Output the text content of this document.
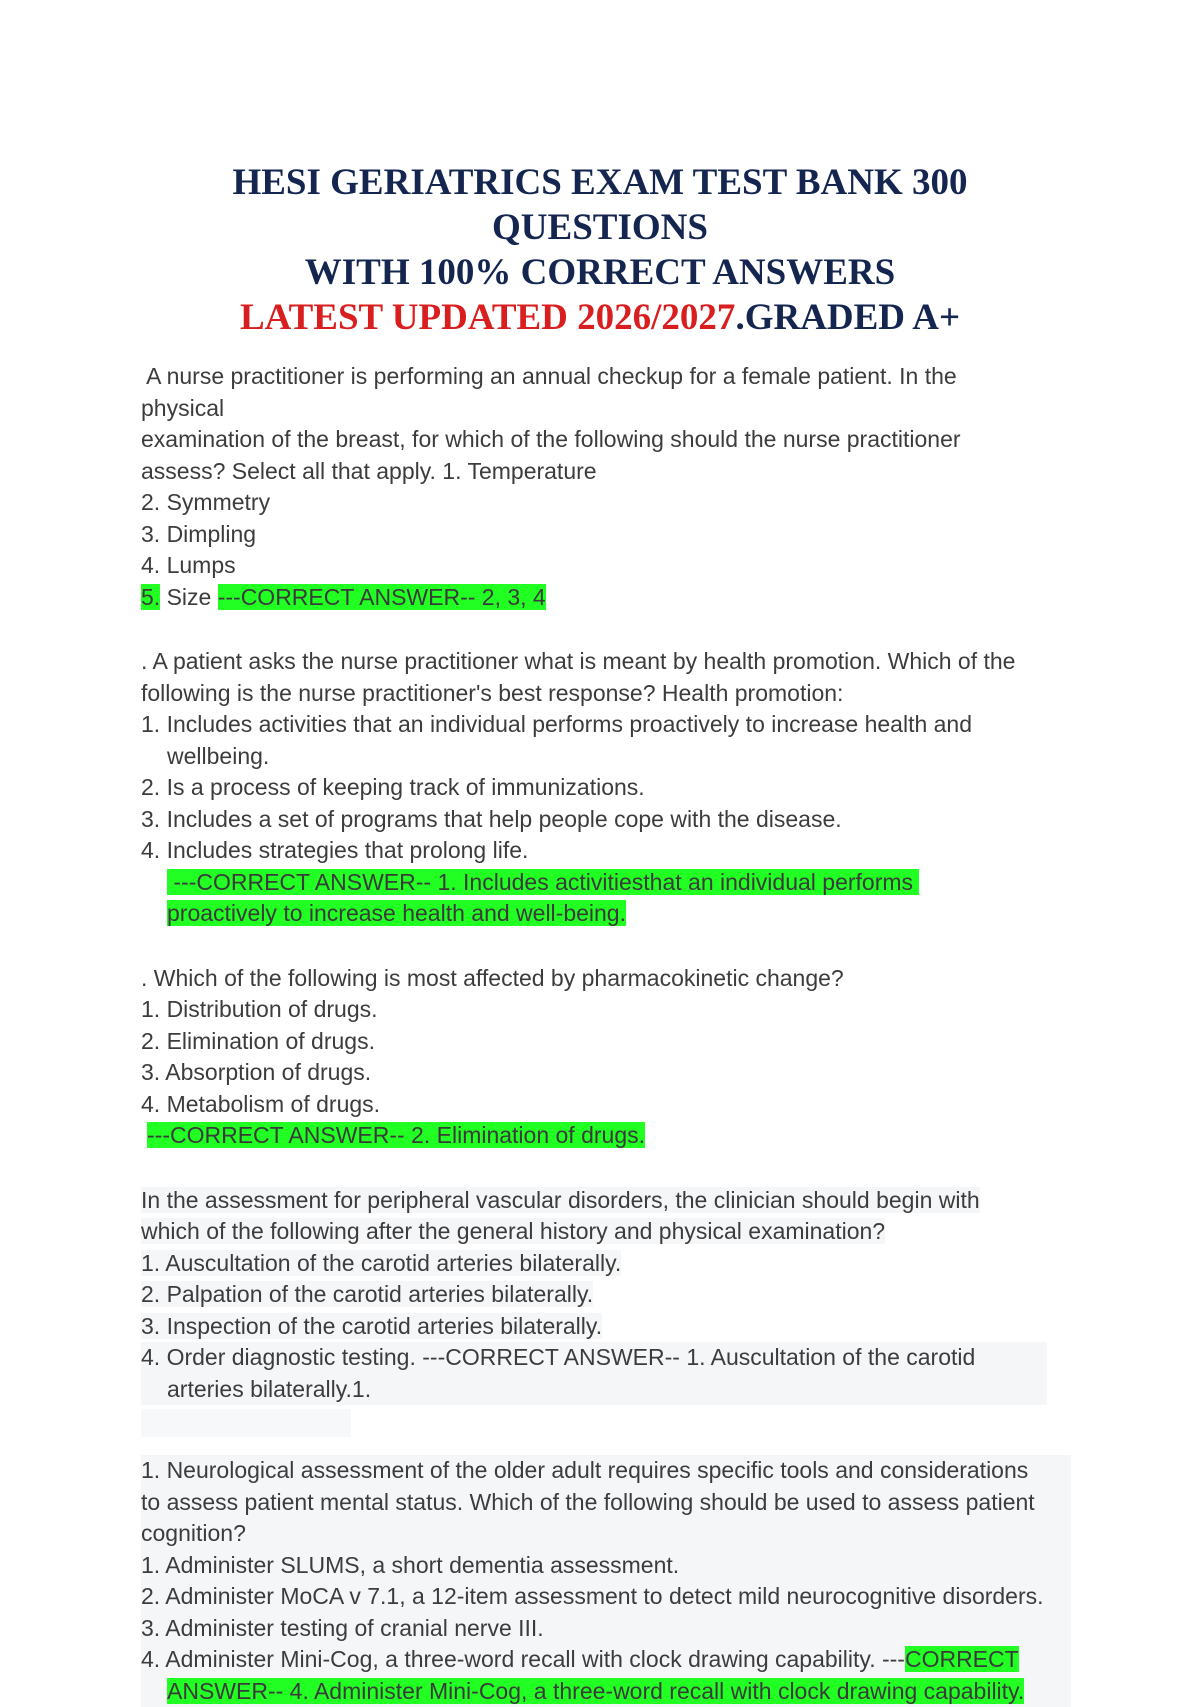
HESI GERIATRICS EXAM TEST BANK 300 QUESTIONS
WITH 100% CORRECT ANSWERS
LATEST UPDATED 2026/2027.GRADED A+

A nurse practitioner is performing an annual checkup for a female patient. In the

physical

examination of the breast, for which of the following should the nurse practitioner

assess? Select all that apply. 1. Temperature

2. Symmetry

3. Dimpling

4. Lumps

5. Size ---CORRECT ANSWER-- 2, 3, 4

. A patient asks the nurse practitioner what is meant by health promotion. Which of the

following is the nurse practitioner's best response? Health promotion:

1. Includes activities that an individual performs proactively to increase health and wellbeing.

2. Is a process of keeping track of immunizations.

3. Includes a set of programs that help people cope with the disease.

4. Includes strategies that prolong life.

---CORRECT ANSWER-- 1. Includes activitiesthat an individual performs

proactively to increase health and well-being.

. Which of the following is most affected by pharmacokinetic change?

1. Distribution of drugs.

2. Elimination of drugs.

3. Absorption of drugs.

4. Metabolism of drugs.

---CORRECT ANSWER-- 2. Elimination of drugs.

In the assessment for peripheral vascular disorders, the clinician should begin with

which of the following after the general history and physical examination?

1. Auscultation of the carotid arteries bilaterally.

2. Palpation of the carotid arteries bilaterally.

3. Inspection of the carotid arteries bilaterally.

4. Order diagnostic testing. ---CORRECT ANSWER-- 1. Auscultation of the carotid arteries bilaterally.1.

1. Neurological assessment of the older adult requires specific tools and considerations

to assess patient mental status. Which of the following should be used to assess patient

cognition?

1. Administer SLUMS, a short dementia assessment.

2. Administer MoCA v 7.1, a 12-item assessment to detect mild neurocognitive disorders.

3. Administer testing of cranial nerve III.

4. Administer Mini-Cog, a three-word recall with clock drawing capability. ---CORRECT

ANSWER-- 4. Administer Mini-Cog, a three-word recall with clock drawing capability.
